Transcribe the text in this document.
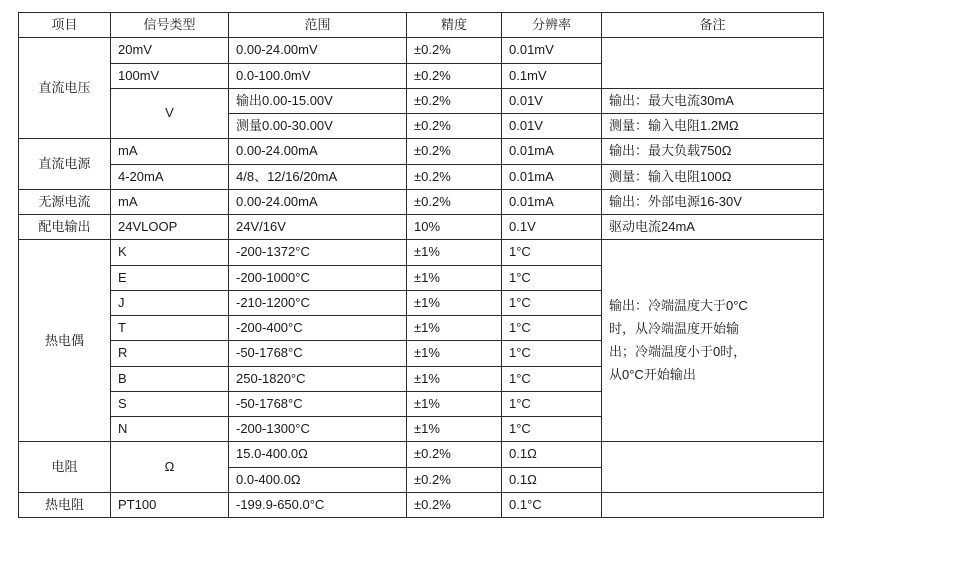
项目	信号类型	范围	精度	分辨率	备注
直流电压	20mV	0.00-24.00mV	±0.2%	0.01mV	
	100mV	0.0-100.0mV	±0.2%	0.1mV	
	V	输出0.00-15.00V	±0.2%	0.01V	输出：最大电流30mA
		测量0.00-30.00V	±0.2%	0.01V	测量：输入电阻1.2MΩ
直流电源	mA	0.00-24.00mA	±0.2%	0.01mA	输出：最大负载750Ω
	4-20mA	4/8、12/16/20mA	±0.2%	0.01mA	测量：输入电阻100Ω
无源电流	mA	0.00-24.00mA	±0.2%	0.01mA	输出：外部电源16-30V
配电输出	24VLOOP	24V/16V	10%	0.1V	驱动电流24mA
热电偶	K	-200-1372°C	±1%	1°C	输出：冷端温度大于0°C
时，从冷端温度开始输
出；冷端温度小于0时，
从0°C开始输出

	E	-200-1000°C	±1%	1°C	
	J	-210-1200°C	±1%	1°C	
	T	-200-400°C	±1%	1°C	
	R	-50-1768°C	±1%	1°C	
	B	250-1820°C	±1%	1°C	
	S	-50-1768°C	±1%	1°C	
	N	-200-1300°C	±1%	1°C	
电阻	Ω	15.0-400.0Ω	±0.2%	0.1Ω	
		0.0-400.0Ω	±0.2%	0.1Ω	
热电阻	PT100	-199.9-650.0°C	±0.2%	0.1°C	
